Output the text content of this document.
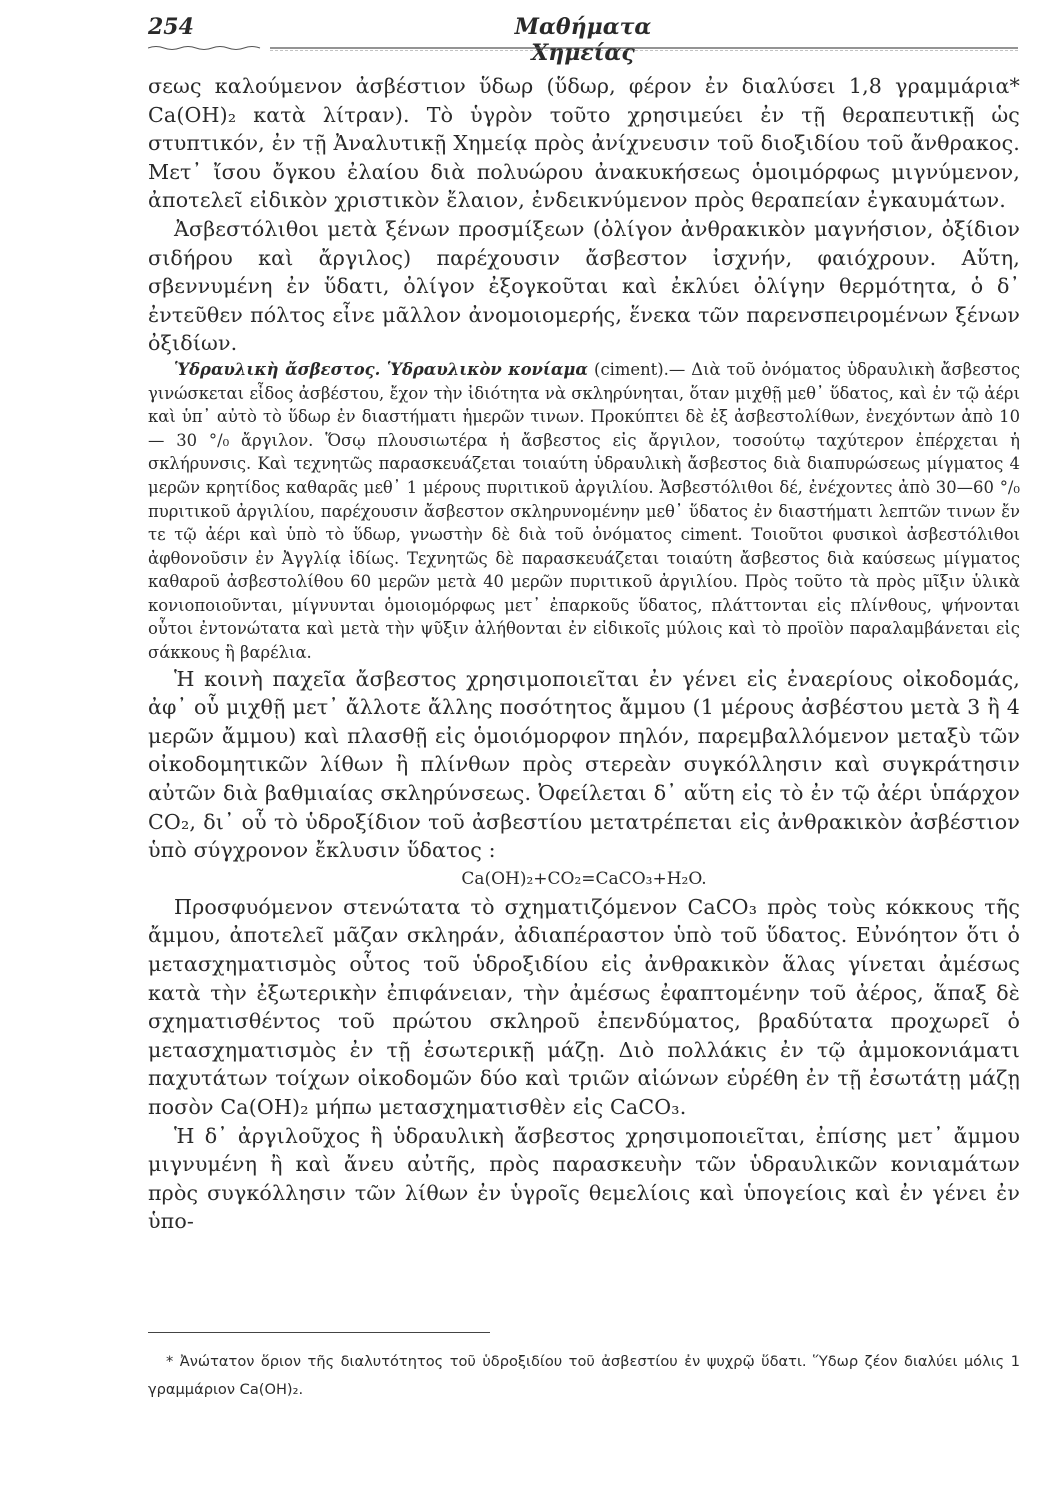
254	Μαθήματα Χημείας

σεως καλούμενον ἀσβέστιον ὕδωρ (ὕδωρ, φέρον ἐν διαλύσει 1,8 γραμμάρια* Ca(OH)₂ κατὰ λίτραν). Τὸ ὑγρὸν τοῦτο χρησιμεύει ἐν τῇ θεραπευτικῇ ὡς στυπτικόν, ἐν τῇ Ἀναλυτικῇ Χημείᾳ πρὸς ἀνίχνευσιν τοῦ διοξιδίου τοῦ ἄνθρακος. Μετ᾽ ἴσου ὄγκου ἐλαίου διὰ πολυώρου ἀνακυκήσεως ὁμοιμόρφως μιγνύμενον, ἀποτελεῖ εἰδικὸν χριστικὸν ἔλαιον, ἐνδεικνύμενον πρὸς θεραπείαν ἐγκαυμάτων.

Ἀσβεστόλιθοι μετὰ ξένων προσμίξεων (ὀλίγον ἀνθρακικὸν μαγνήσιον, ὀξίδιον σιδήρου καὶ ἄργιλος) παρέχουσιν ἄσβεστον ἰσχνήν, φαιόχρουν. Αὕτη, σβεννυμένη ἐν ὕδατι, ὀλίγον ἐξογκοῦται καὶ ἐκλύει ὀλίγην θερμότητα, ὁ δ᾽ ἐντεῦθεν πόλτος εἶνε μᾶλλον ἀνομοιομερής, ἕνεκα τῶν παρενσπειρομένων ξένων ὀξιδίων.

Ὑδραυλικὴ ἄσβεστος. Ὑδραυλικὸν κονίαμα (ciment).— Διὰ τοῦ ὀνόματος ὑδραυλικὴ ἄσβεστος γινώσκεται εἶδος ἀσβέστου, ἔχον τὴν ἰδιότητα νὰ σκληρύνηται, ὅταν μιχθῇ μεθ᾽ ὕδατος, καὶ ἐν τῷ ἀέρι καὶ ὑπ᾽ αὐτὸ τὸ ὕδωρ ἐν διαστήματι ἡμερῶν τινων. Προκύπτει δὲ ἐξ ἀσβεστολίθων, ἐνεχόντων ἀπὸ 10 — 30 °/₀ ἄργιλον. Ὅσῳ πλουσιωτέρα ἡ ἄσβεστος εἰς ἄργιλον, τοσούτῳ ταχύτερον ἐπέρχεται ἡ σκλήρυνσις. Καὶ τεχνητῶς παρασκευάζεται τοιαύτη ὑδραυλικὴ ἄσβεστος διὰ διαπυρώσεως μίγματος 4 μερῶν κρητίδος καθαρᾶς μεθ᾽ 1 μέρους πυριτικοῦ ἀργιλίου. Ἀσβεστόλιθοι δέ, ἐνέχοντες ἀπὸ 30—60 °/₀ πυριτικοῦ ἀργιλίου, παρέχουσιν ἄσβεστον σκληρυνομένην μεθ᾽ ὕδατος ἐν διαστήματι λεπτῶν τινων ἔν τε τῷ ἀέρι καὶ ὑπὸ τὸ ὕδωρ, γνωστὴν δὲ διὰ τοῦ ὀνόματος ciment. Τοιοῦτοι φυσικοὶ ἀσβεστόλιθοι ἀφθονοῦσιν ἐν Ἀγγλίᾳ ἰδίως. Τεχνητῶς δὲ παρασκευάζεται τοιαύτη ἄσβεστος διὰ καύσεως μίγματος καθαροῦ ἀσβεστολίθου 60 μερῶν μετὰ 40 μερῶν πυριτικοῦ ἀργιλίου. Πρὸς τοῦτο τὰ πρὸς μῖξιν ὑλικὰ κονιοποιοῦνται, μίγνυνται ὁμοιομόρφως μετ᾽ ἐπαρκοῦς ὕδατος, πλάττονται εἰς πλίνθους, ψήνονται οὗτοι ἐντονώτατα καὶ μετὰ τὴν ψῦξιν ἀλήθονται ἐν εἰδικοῖς μύλοις καὶ τὸ προϊὸν παραλαμβάνεται εἰς σάκκους ἢ βαρέλια.

Ἡ κοινὴ παχεῖα ἄσβεστος χρησιμοποιεῖται ἐν γένει εἰς ἐναερίους οἰκοδομάς, ἀφ᾽ οὗ μιχθῇ μετ᾽ ἄλλοτε ἄλλης ποσότητος ἄμμου (1 μέρους ἀσβέστου μετὰ 3 ἢ 4 μερῶν ἄμμου) καὶ πλασθῇ εἰς ὁμοιόμορφον πηλόν, παρεμβαλλόμενον μεταξὺ τῶν οἰκοδομητικῶν λίθων ἢ πλίνθων πρὸς στερεὰν συγκόλλησιν καὶ συγκράτησιν αὐτῶν διὰ βαθμιαίας σκληρύνσεως. Ὀφείλεται δ᾽ αὕτη εἰς τὸ ἐν τῷ ἀέρι ὑπάρχον CO₂, δι᾽ οὗ τὸ ὑδροξίδιον τοῦ ἀσβεστίου μετατρέπεται εἰς ἀνθρακικὸν ἀσβέστιον ὑπὸ σύγχρονον ἔκλυσιν ὕδατος :

Ca(OH)₂+CO₂=CaCO₃+H₂O.

Προσφυόμενον στενώτατα τὸ σχηματιζόμενον CaCO₃ πρὸς τοὺς κόκκους τῆς ἄμμου, ἀποτελεῖ μᾶζαν σκληράν, ἀδιαπέραστον ὑπὸ τοῦ ὕδατος. Εὐνόητον ὅτι ὁ μετασχηματισμὸς οὗτος τοῦ ὑδροξιδίου εἰς ἀνθρακικὸν ἅλας γίνεται ἀμέσως κατὰ τὴν ἐξωτερικὴν ἐπιφάνειαν, τὴν ἀμέσως ἐφαπτομένην τοῦ ἀέρος, ἅπαξ δὲ σχηματισθέντος τοῦ πρώτου σκληροῦ ἐπενδύματος, βραδύτατα προχωρεῖ ὁ μετασχηματισμὸς ἐν τῇ ἐσωτερικῇ μάζῃ. Διὸ πολλάκις ἐν τῷ ἀμμοκονιάματι παχυτάτων τοίχων οἰκοδομῶν δύο καὶ τριῶν αἰώνων εὑρέθη ἐν τῇ ἐσωτάτῃ μάζῃ ποσὸν Ca(OH)₂ μήπω μετασχηματισθὲν εἰς CaCO₃.

Ἡ δ᾽ ἀργιλοῦχος ἢ ὑδραυλικὴ ἄσβεστος χρησιμοποιεῖται, ἐπίσης μετ᾽ ἄμμου μιγνυμένη ἢ καὶ ἄνευ αὐτῆς, πρὸς παρασκευὴν τῶν ὑδραυλικῶν κονιαμάτων πρὸς συγκόλλησιν τῶν λίθων ἐν ὑγροῖς θεμελίοις καὶ ὑπογείοις καὶ ἐν γένει ἐν ὑπο-

* Ἀνώτατον ὅριον τῆς διαλυτότητος τοῦ ὑδροξιδίου τοῦ ἀσβεστίου ἐν ψυχρῷ ὕδατι. Ὕδωρ ζέον διαλύει μόλις 1 γραμμάριον Ca(OH)₂.
